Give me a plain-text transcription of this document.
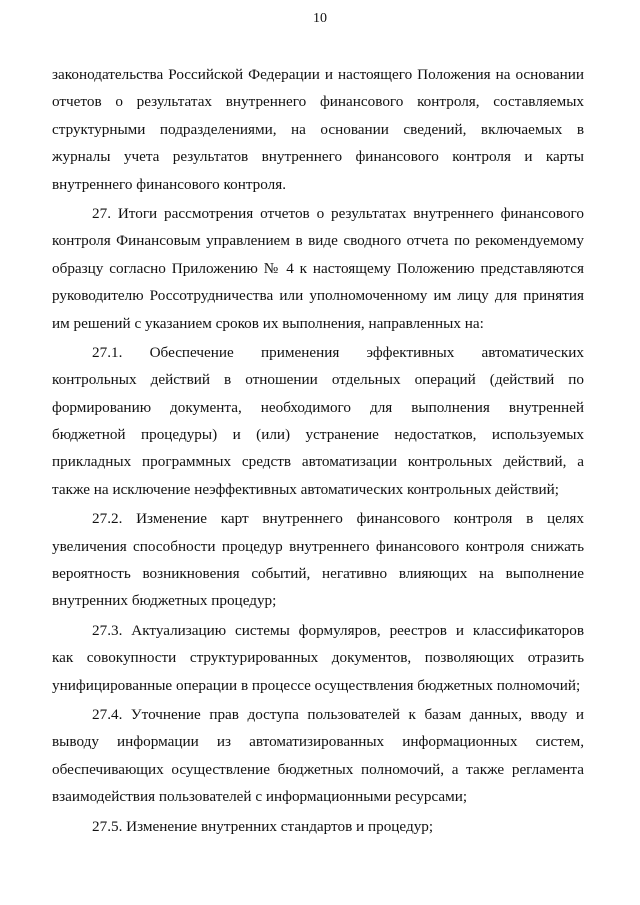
10
законодательства Российской Федерации и настоящего Положения на основании
отчетов о результатах внутреннего финансового контроля, составляемых
структурными подразделениями, на основании сведений, включаемых в
журналы учета результатов внутреннего финансового контроля и карты
внутреннего финансового контроля.
27. Итоги рассмотрения отчетов о результатах внутреннего финансового
контроля Финансовым управлением в виде сводного отчета по рекомендуемому
образцу согласно Приложению № 4 к настоящему Положению представляются
руководителю Россотрудничества или уполномоченному им лицу для принятия
им решений с указанием сроков их выполнения, направленных на:
27.1. Обеспечение применения эффективных автоматических
контрольных действий в отношении отдельных операций (действий по
формированию документа, необходимого для выполнения внутренней
бюджетной процедуры) и (или) устранение недостатков, используемых
прикладных программных средств автоматизации контрольных действий, а
также на исключение неэффективных автоматических контрольных действий;
27.2. Изменение карт внутреннего финансового контроля в целях
увеличения способности процедур внутреннего финансового контроля снижать
вероятность возникновения событий, негативно влияющих на выполнение
внутренних бюджетных процедур;
27.3. Актуализацию системы формуляров, реестров и классификаторов
как совокупности структурированных документов, позволяющих отразить
унифицированные операции в процессе осуществления бюджетных полномочий;
27.4. Уточнение прав доступа пользователей к базам данных, вводу и
выводу информации из автоматизированных информационных систем,
обеспечивающих осуществление бюджетных полномочий, а также регламента
взаимодействия пользователей с информационными ресурсами;
27.5. Изменение внутренних стандартов и процедур;
